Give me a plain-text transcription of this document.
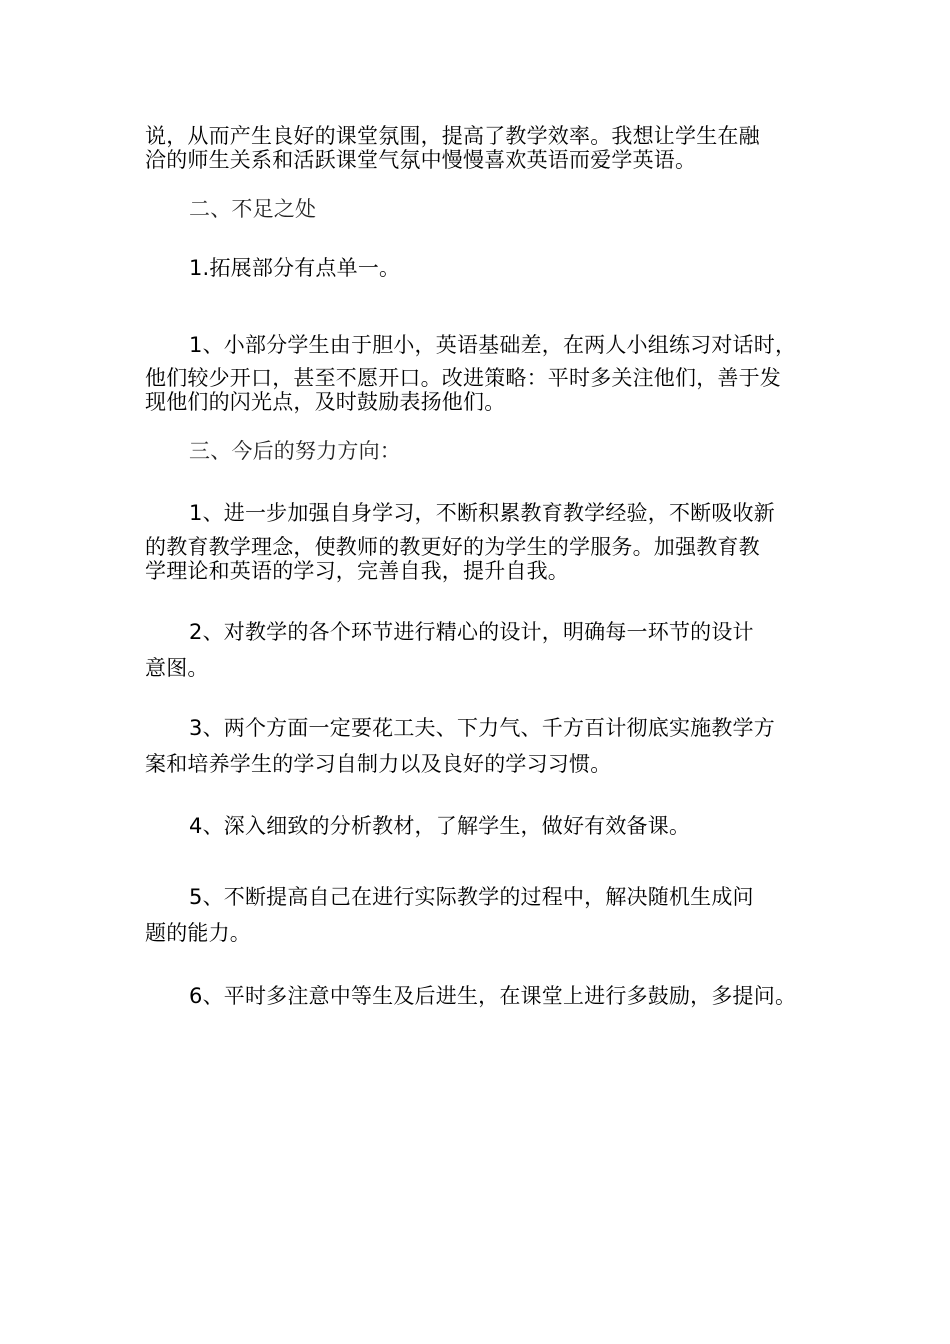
说，从而产生良好的课堂氛围，提高了教学效率。我想让学生在融
洽的师生关系和活跃课堂气氛中慢慢喜欢英语而爱学英语。

二、不足之处

1.拓展部分有点单一。

1、小部分学生由于胆小，英语基础差，在两人小组练习对话时，
他们较少开口，甚至不愿开口。改进策略：平时多关注他们，善于发
现他们的闪光点，及时鼓励表扬他们。

三、今后的努力方向：

1、进一步加强自身学习，不断积累教育教学经验，不断吸收新
的教育教学理念，使教师的教更好的为学生的学服务。加强教育教
学理论和英语的学习，完善自我，提升自我。

2、对教学的各个环节进行精心的设计，明确每一环节的设计
意图。

3、两个方面一定要花工夫、下力气、千方百计彻底实施教学方
案和培养学生的学习自制力以及良好的学习习惯。

4、深入细致的分析教材，了解学生，做好有效备课。

5、不断提高自己在进行实际教学的过程中，解决随机生成问
题的能力。

6、平时多注意中等生及后进生，在课堂上进行多鼓励，多提问。
